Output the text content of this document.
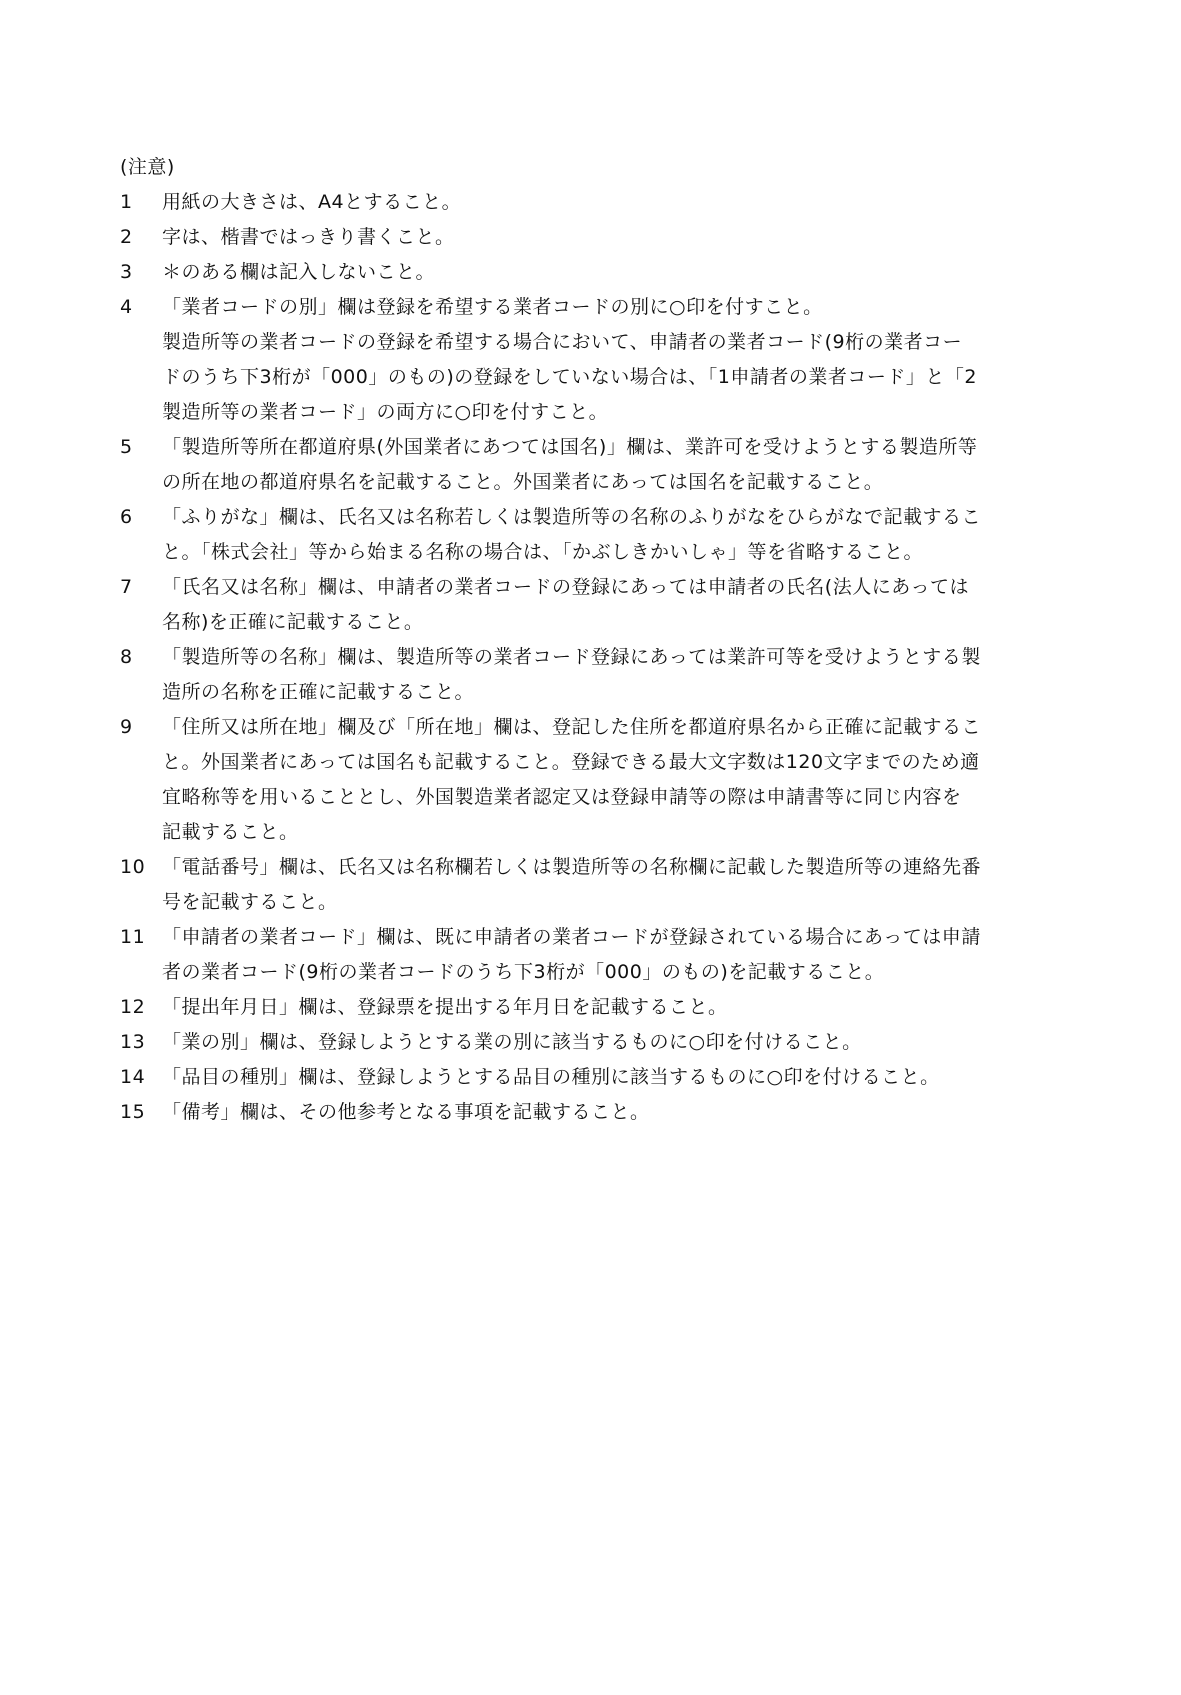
(注意)
1	用紙の大きさは、A4とすること。
2	字は、楷書ではっきり書くこと。
3	＊のある欄は記入しないこと。
4	「業者コードの別」欄は登録を希望する業者コードの別に○印を付すこと。
製造所等の業者コードの登録を希望する場合において、申請者の業者コード(9桁の業者コー
ドのうち下3桁が「000」のもの)の登録をしていない場合は、「1申請者の業者コード」と「2
製造所等の業者コード」の両方に○印を付すこと。
5	「製造所等所在都道府県(外国業者にあつては国名)」欄は、業許可を受けようとする製造所等
の所在地の都道府県名を記載すること。外国業者にあっては国名を記載すること。
6	「ふりがな」欄は、氏名又は名称若しくは製造所等の名称のふりがなをひらがなで記載するこ
と。「株式会社」等から始まる名称の場合は、「かぶしきかいしゃ」等を省略すること。
7	「氏名又は名称」欄は、申請者の業者コードの登録にあっては申請者の氏名(法人にあっては
名称)を正確に記載すること。
8	「製造所等の名称」欄は、製造所等の業者コード登録にあっては業許可等を受けようとする製
造所の名称を正確に記載すること。
9	「住所又は所在地」欄及び「所在地」欄は、登記した住所を都道府県名から正確に記載するこ
と。外国業者にあっては国名も記載すること。登録できる最大文字数は120文字までのため適
宜略称等を用いることとし、外国製造業者認定又は登録申請等の際は申請書等に同じ内容を
記載すること。
10 「電話番号」欄は、氏名又は名称欄若しくは製造所等の名称欄に記載した製造所等の連絡先番
号を記載すること。
11 「申請者の業者コード」欄は、既に申請者の業者コードが登録されている場合にあっては申請
者の業者コード(9桁の業者コードのうち下3桁が「000」のもの)を記載すること。
12 「提出年月日」欄は、登録票を提出する年月日を記載すること。
13 「業の別」欄は、登録しようとする業の別に該当するものに○印を付けること。
14 「品目の種別」欄は、登録しようとする品目の種別に該当するものに○印を付けること。
15 「備考」欄は、その他参考となる事項を記載すること。
